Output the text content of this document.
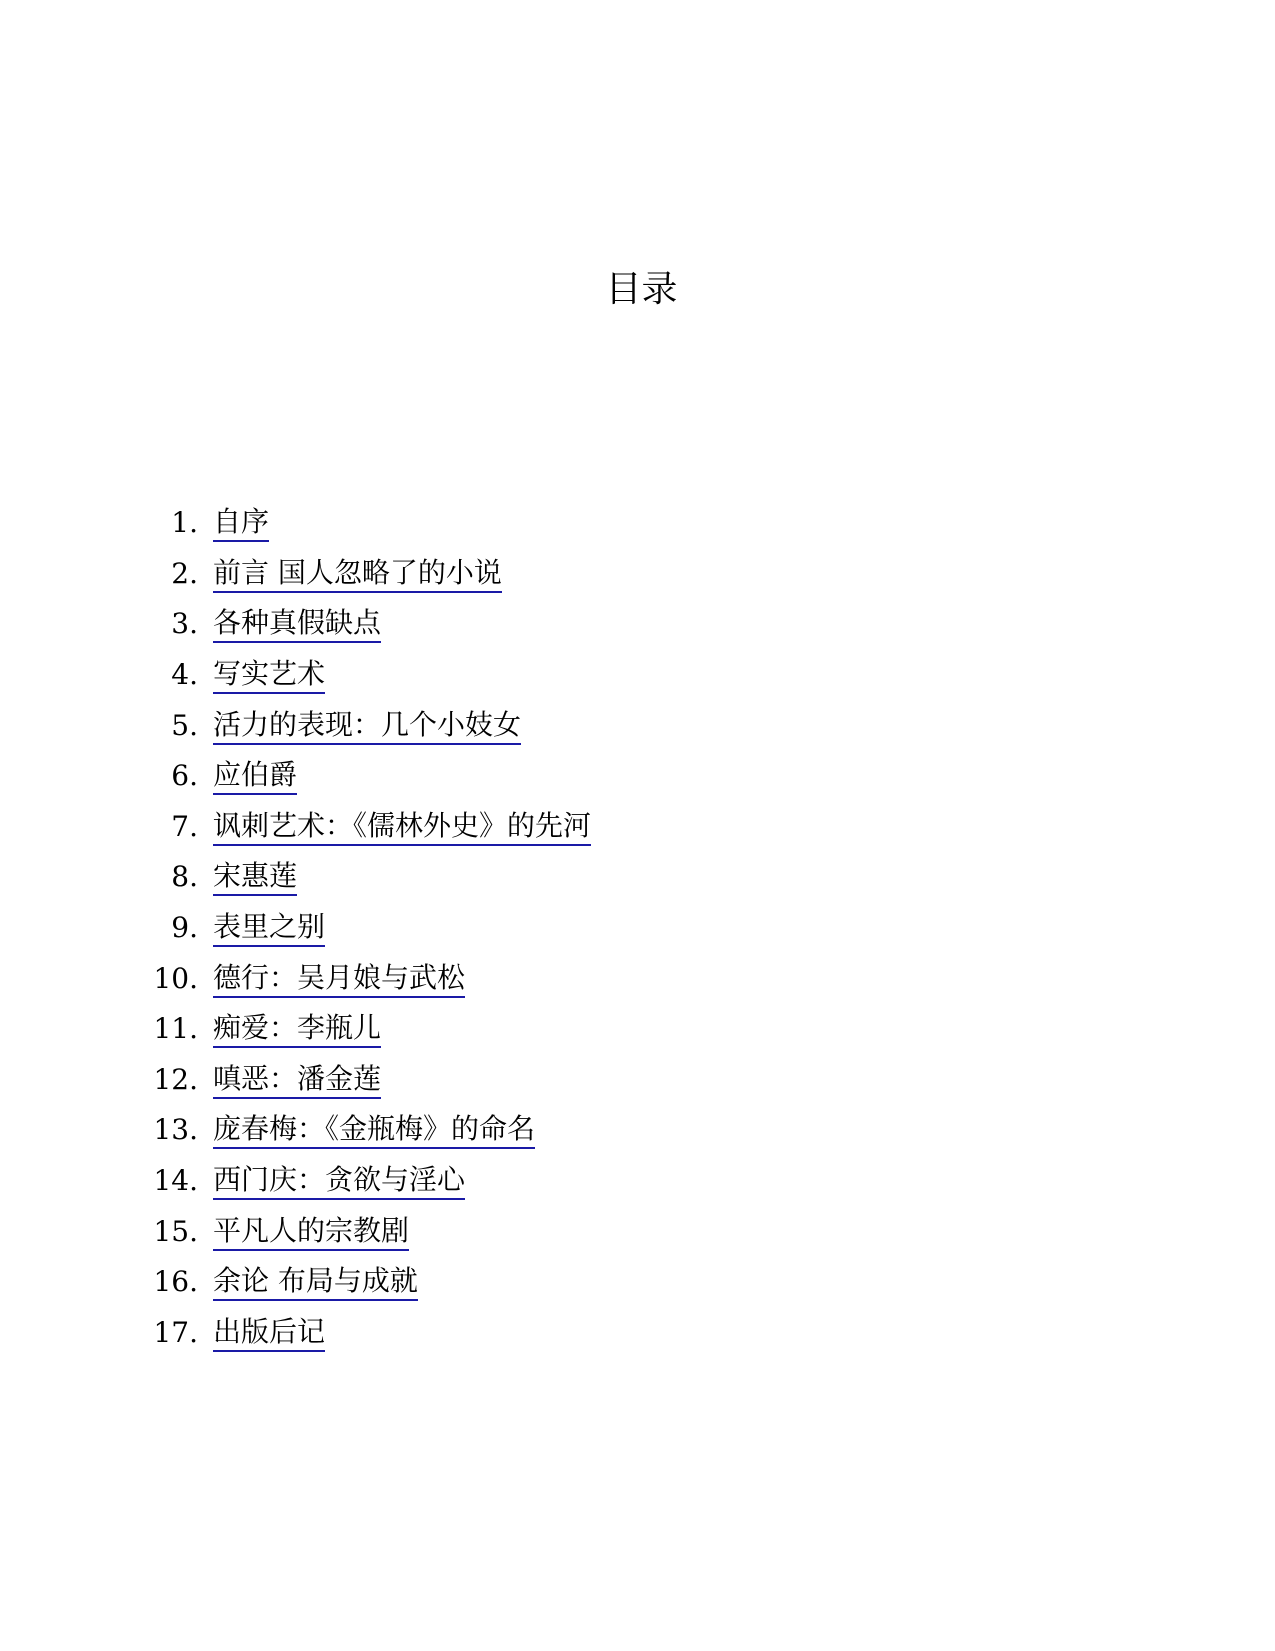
目录
1. 自序
2. 前言 国人忽略了的小说
3. 各种真假缺点
4. 写实艺术
5. 活力的表现：几个小妓女
6. 应伯爵
7. 讽刺艺术：《儒林外史》的先河
8. 宋惠莲
9. 表里之别
10. 德行：吴月娘与武松
11. 痴爱：李瓶儿
12. 嗔恶：潘金莲
13. 庞春梅：《金瓶梅》的命名
14. 西门庆：贪欲与淫心
15. 平凡人的宗教剧
16. 余论 布局与成就
17. 出版后记
